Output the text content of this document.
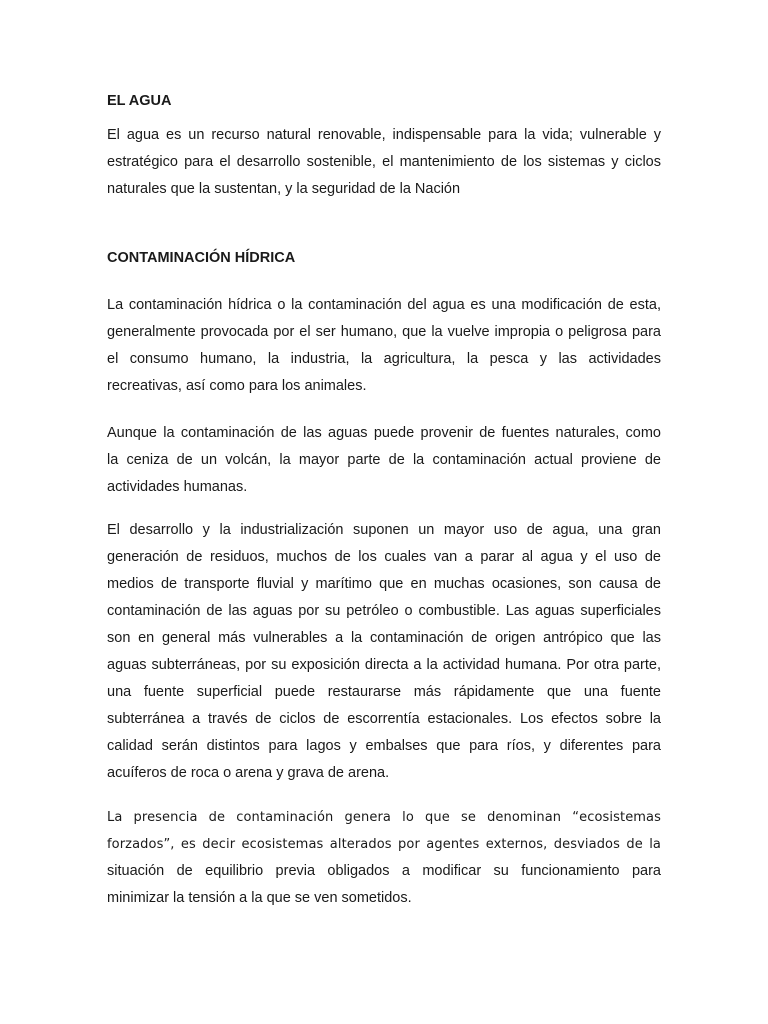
EL AGUA

El agua es un recurso natural renovable, indispensable para la vida; vulnerable y
estratégico para el desarrollo sostenible, el mantenimiento de los sistemas y ciclos
naturales que la sustentan, y la seguridad de la Nación

CONTAMINACIÓN HÍDRICA

La contaminación hídrica o la contaminación del agua es una modificación de esta,
generalmente provocada por el ser humano, que la vuelve impropia o peligrosa para
el consumo humano, la industria, la agricultura, la pesca y las actividades
recreativas, así como para los animales.

Aunque la contaminación de las aguas puede provenir de fuentes naturales, como
la ceniza de un volcán, la mayor parte de la contaminación actual proviene de
actividades humanas.

El desarrollo y la industrialización suponen un mayor uso de agua, una gran
generación de residuos, muchos de los cuales van a parar al agua y el uso de
medios de transporte fluvial y marítimo que en muchas ocasiones, son causa de
contaminación de las aguas por su petróleo o combustible. Las aguas superficiales
son en general más vulnerables a la contaminación de origen antrópico que las
aguas subterráneas, por su exposición directa a la actividad humana. Por otra parte,
una fuente superficial puede restaurarse más rápidamente que una fuente
subterránea a través de ciclos de escorrentía estacionales. Los efectos sobre la
calidad serán distintos para lagos y embalses que para ríos, y diferentes para
acuíferos de roca o arena y grava de arena.

La presencia de contaminación genera lo que se denominan “ecosistemas
forzados”, es decir ecosistemas alterados por agentes externos, desviados de la
situación de equilibrio previa obligados a modificar su funcionamiento para
minimizar la tensión a la que se ven sometidos.
